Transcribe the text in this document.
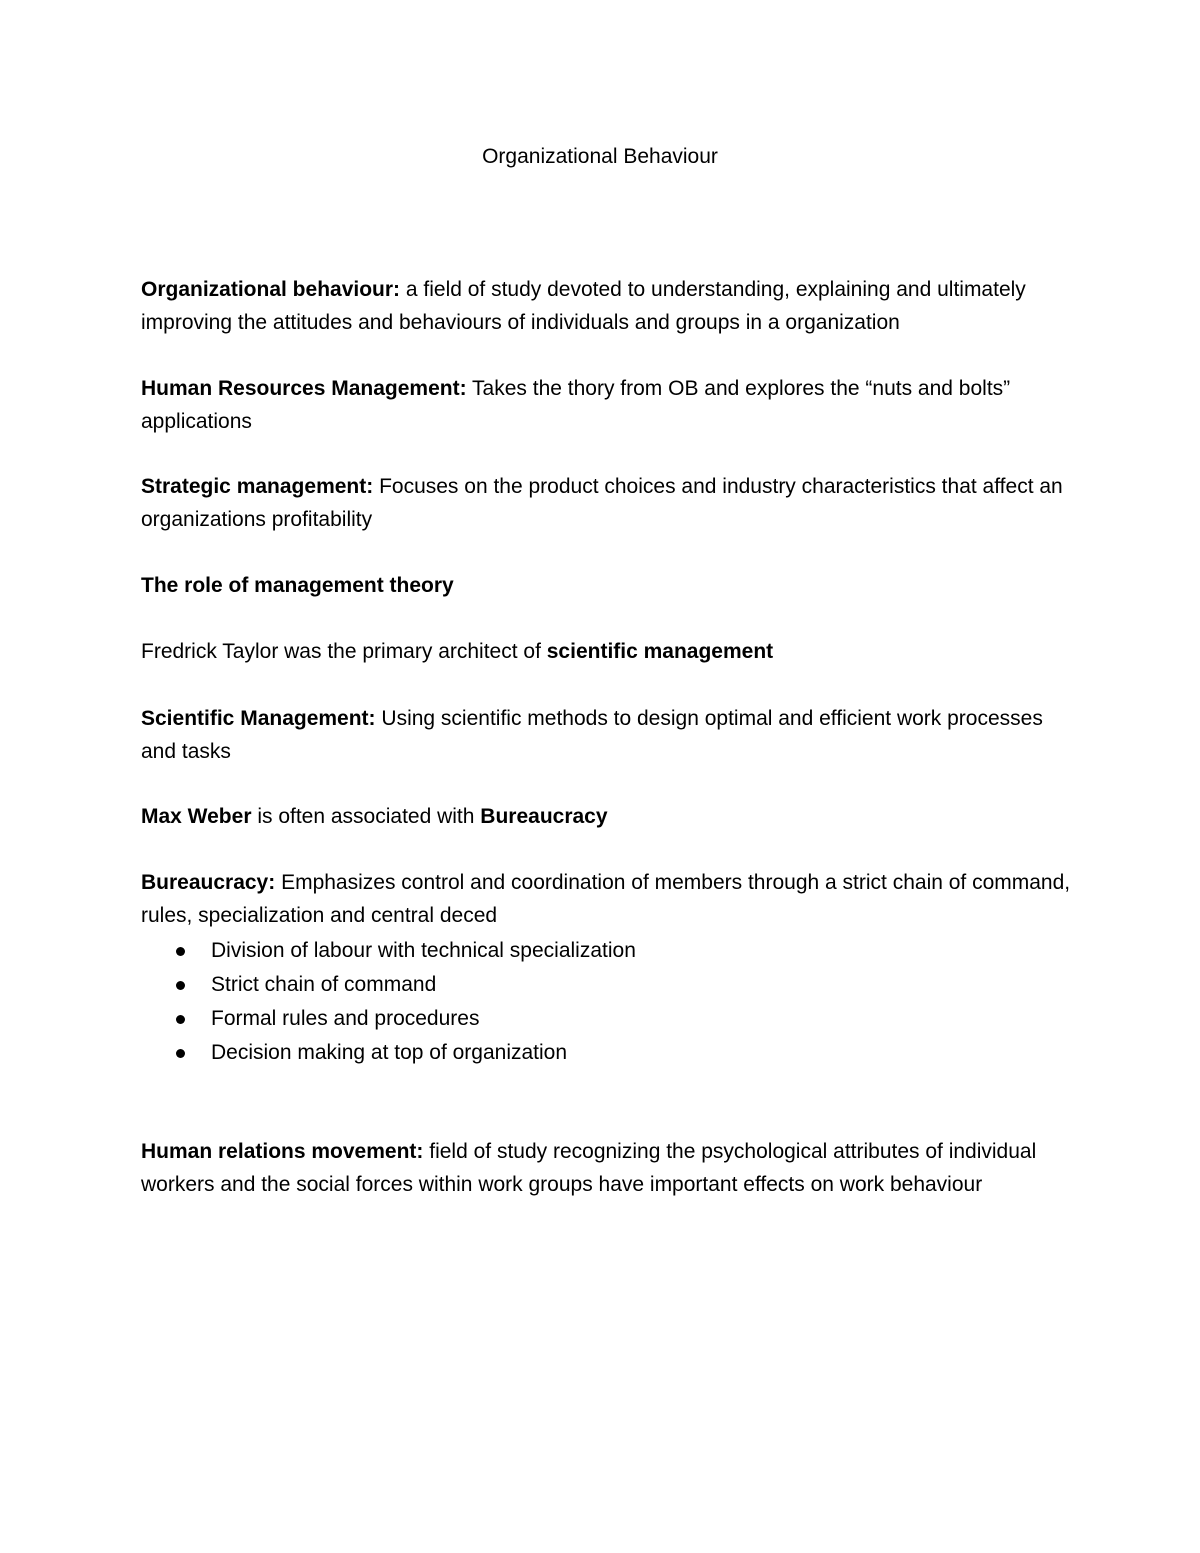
Organizational Behaviour

Organizational behaviour: a field of study devoted to understanding, explaining and ultimately improving the attitudes and behaviours of individuals and groups in a organization

Human Resources Management: Takes the thory from OB and explores the “nuts and bolts” applications

Strategic management: Focuses on the product choices and industry characteristics that affect an organizations profitability

The role of management theory

Fredrick Taylor was the primary architect of scientific management

Scientific Management: Using scientific methods to design optimal and efficient work processes and tasks

Max Weber is often associated with Bureaucracy

Bureaucracy: Emphasizes control and coordination of members through a strict chain of command, rules, specialization and central deced

Division of labour with technical specialization
Strict chain of command
Formal rules and procedures
Decision making at top of organization

Human relations movement: field of study recognizing the psychological attributes of individual workers and the social forces within work groups have important effects on work behaviour
